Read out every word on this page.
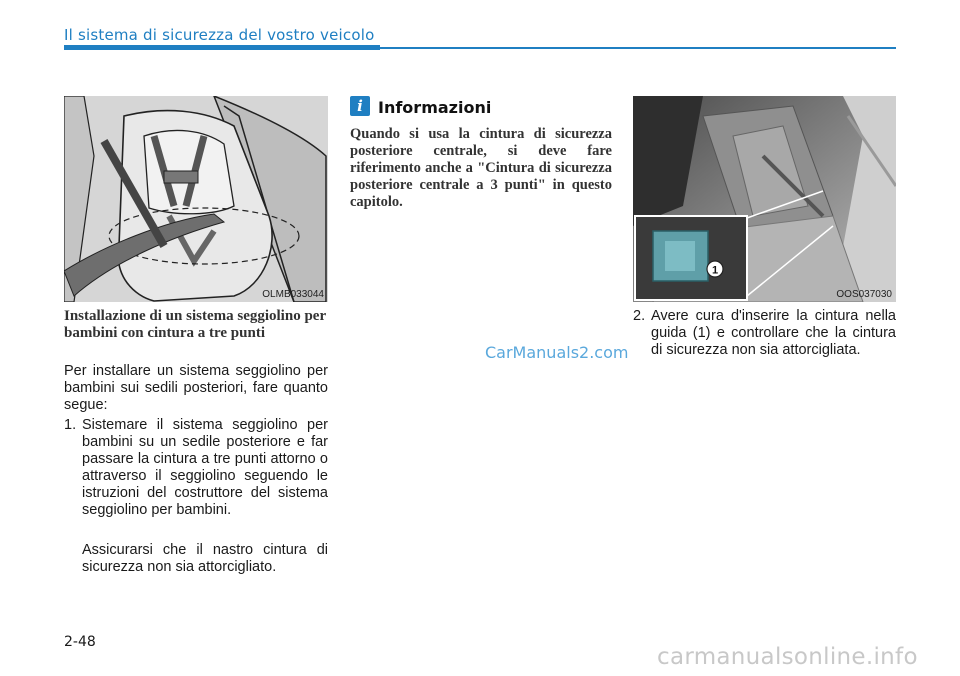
Il sistema di sicurezza del vostro veicolo
OLMB033044
Installazione di un sistema seggiolino per bambini con cintura a tre punti
Per installare un sistema seggiolino per bambini sui sedili posteriori, fare quanto segue:
1. Sistemare il sistema seggiolino per bambini su un sedile posteriore e far passare la cintura a tre punti attorno o attraverso il seggiolino seguendo le istruzioni del costruttore del sistema seggiolino per bambini.
Assicurarsi che il nastro cintura di sicurezza non sia attorcigliato.
i Informazioni
Quando si usa la cintura di sicurezza posteriore centrale, si deve fare riferimento anche a "Cintura di sicurezza posteriore centrale a 3 punti" in questo capitolo.
1
OOS037030
2. Avere cura d'inserire la cintura nella guida (1) e controllare che la cintura di sicurezza non sia attorcigliata.
CarManuals2.com
2-48
carmanualsonline.info
